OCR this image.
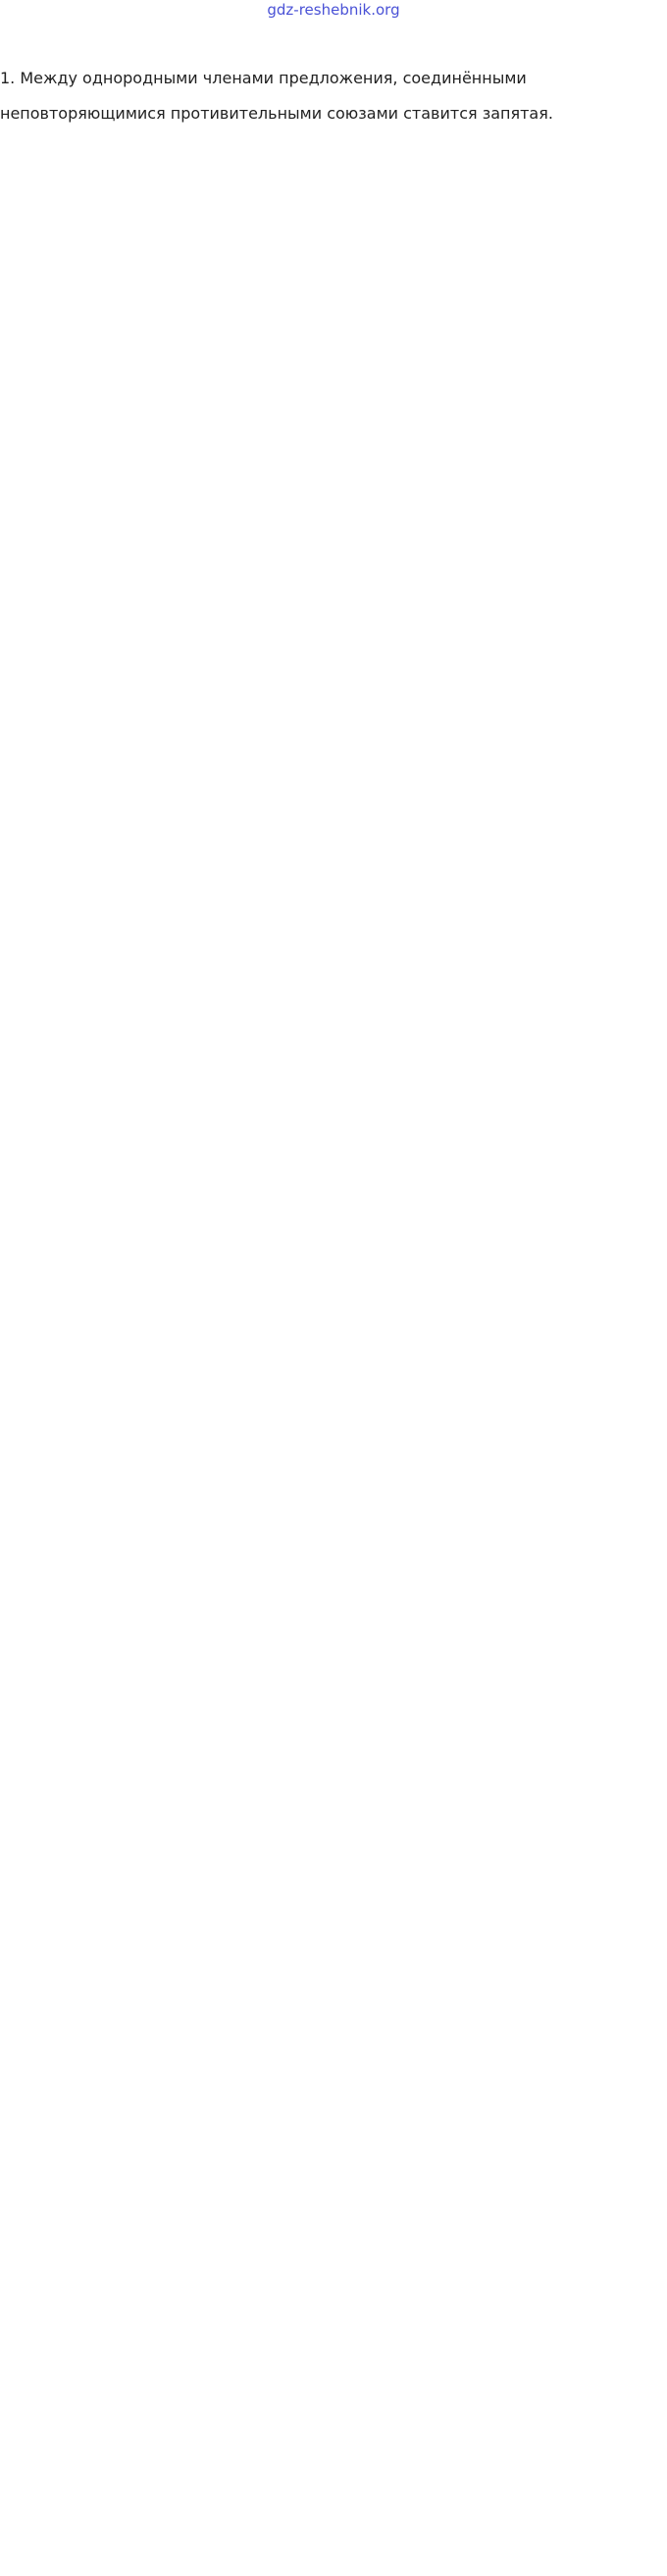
gdz-reshebnik.org
1. Между однородными членами предложения, соединёнными
неповторяющимися противительными союзами ставится запятая.
